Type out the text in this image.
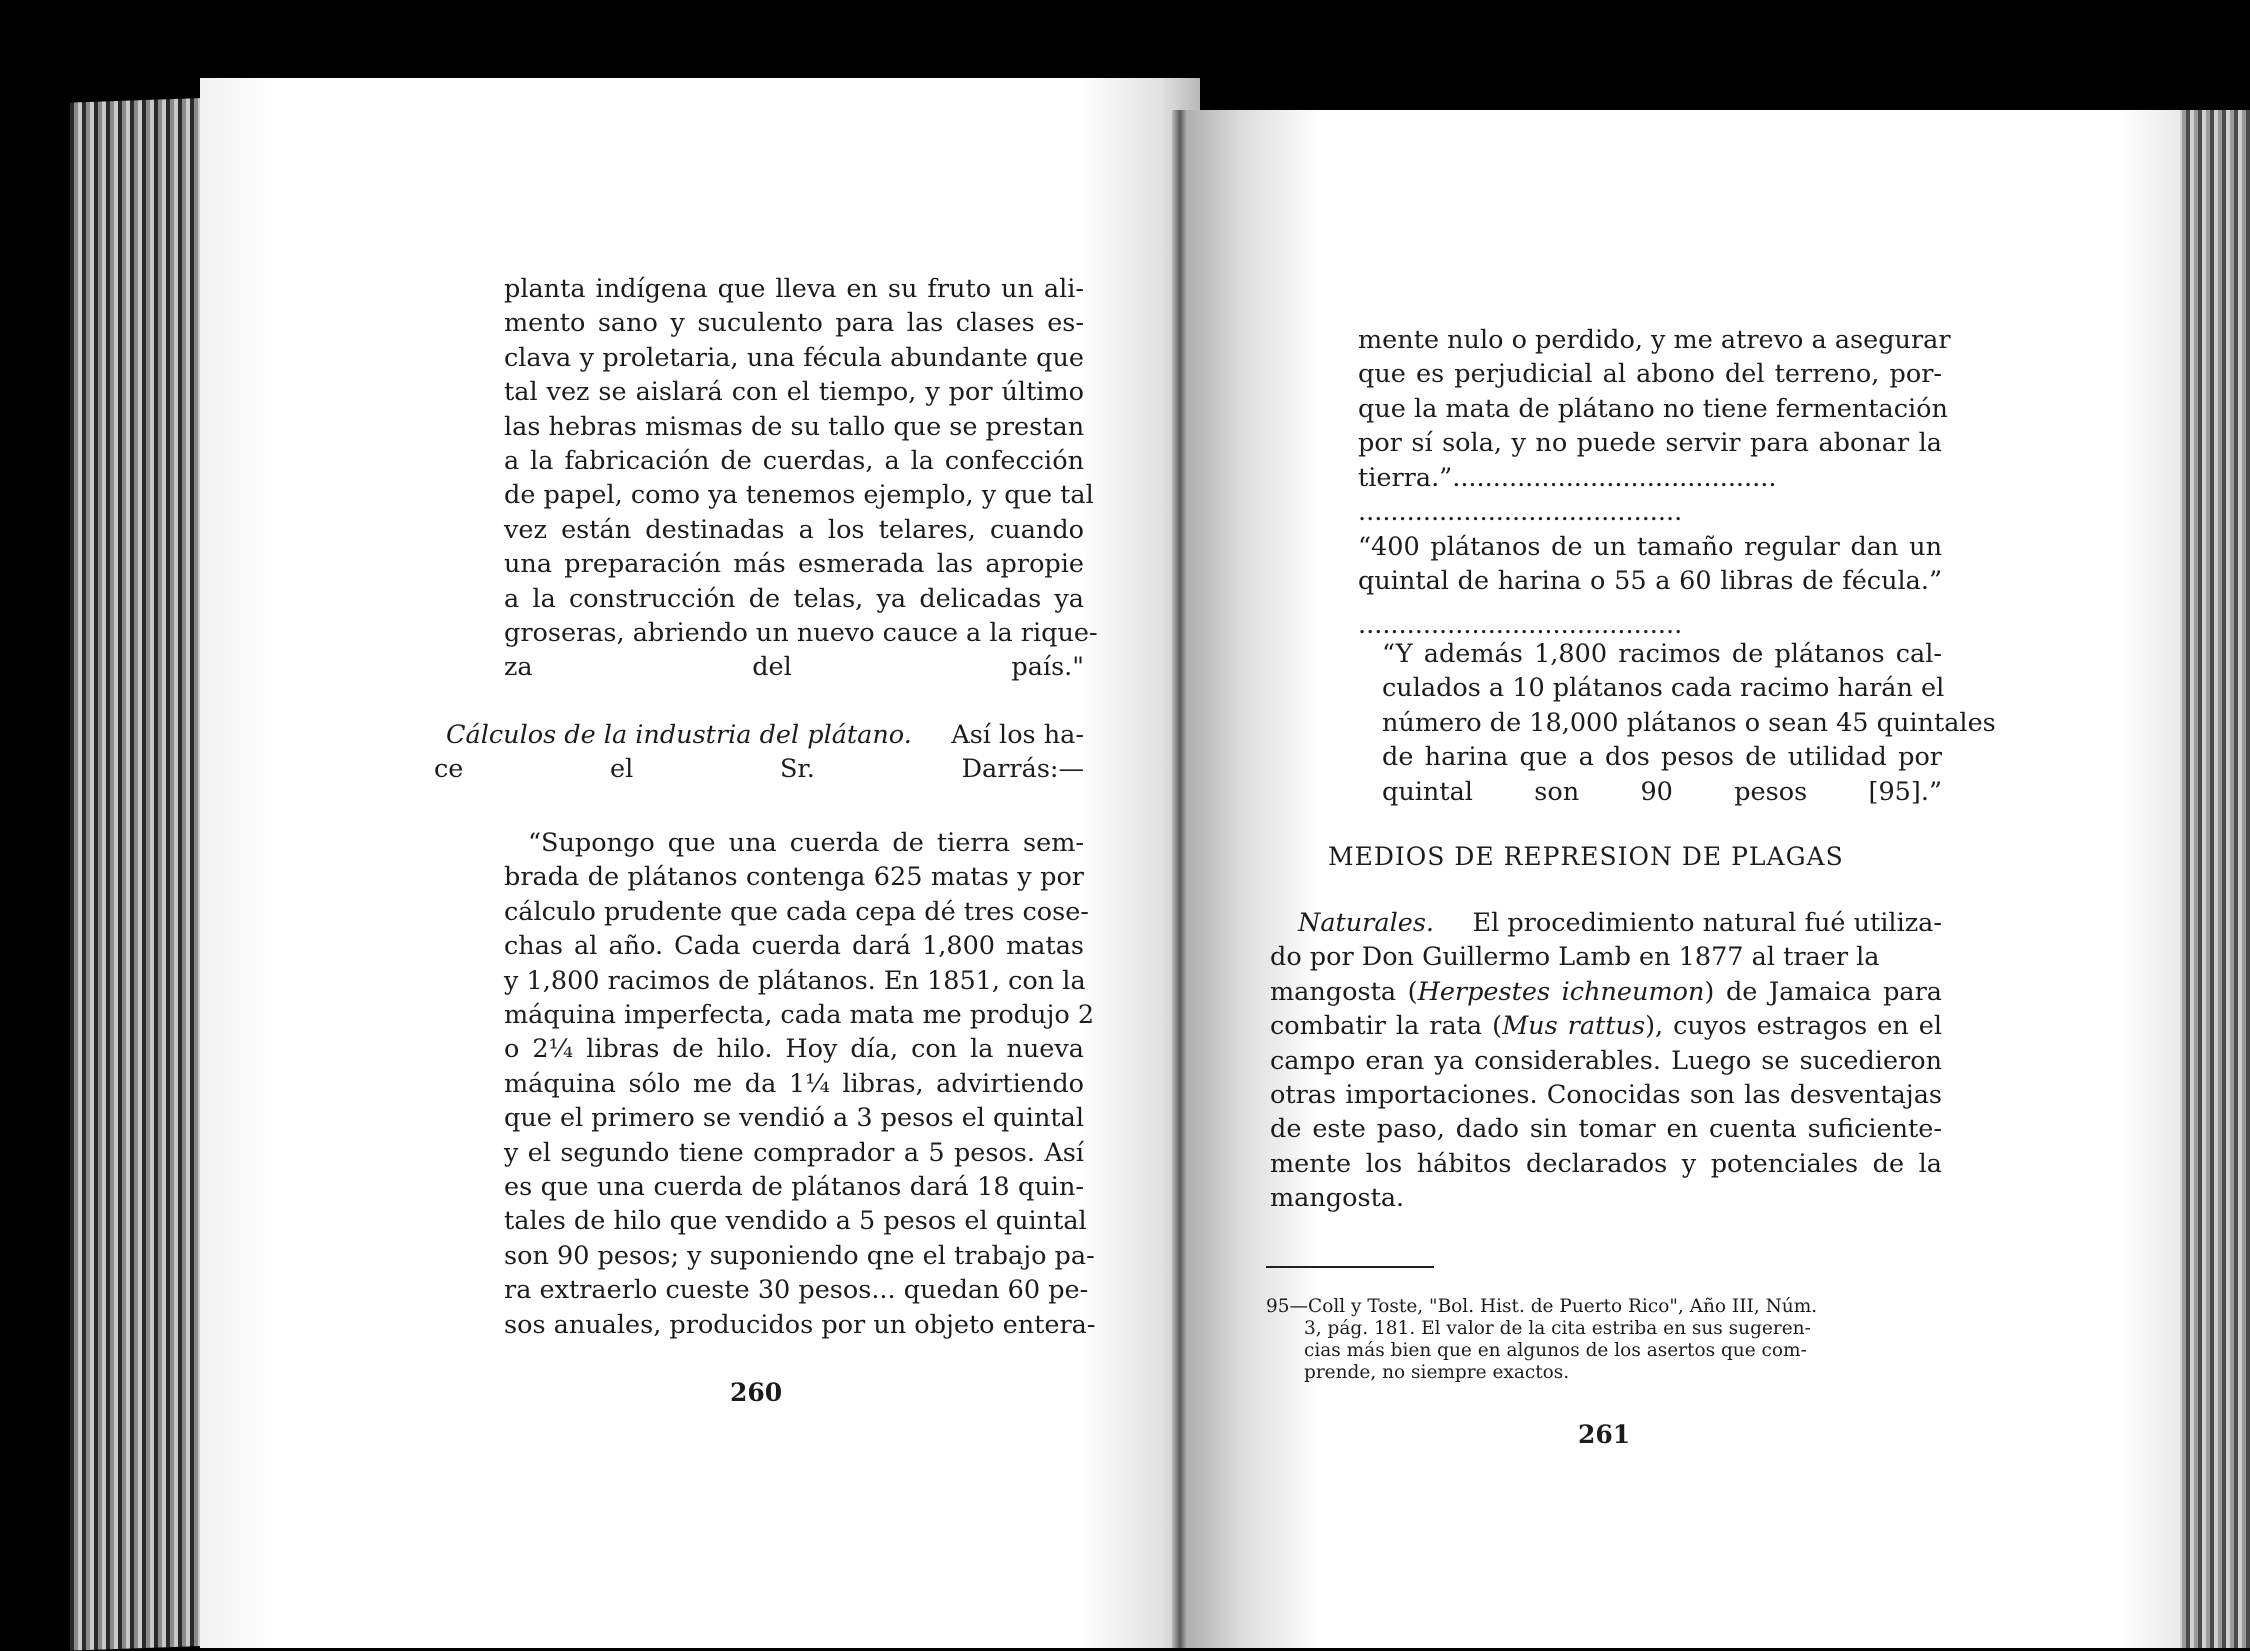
planta indígena que lleva en su fruto un ali-
mento sano y suculento para las clases es-
clava y proletaria, una fécula abundante que
tal vez se aislará con el tiempo, y por último
las hebras mismas de su tallo que se prestan
a la fabricación de cuerdas, a la confección
de papel, como ya tenemos ejemplo, y que tal
vez están destinadas a los telares, cuando
una preparación más esmerada las apropie
a la construcción de telas, ya delicadas ya
groseras, abriendo un nuevo cauce a la rique-
za del país."
Cálculos de la industria del plátano. Así los ha-
ce el Sr. Darrás:—
“Supongo que una cuerda de tierra sem-
brada de plátanos contenga 625 matas y por
cálculo prudente que cada cepa dé tres cose-
chas al año. Cada cuerda dará 1,800 matas
y 1,800 racimos de plátanos. En 1851, con la
máquina imperfecta, cada mata me produjo 2
o 2¼ libras de hilo. Hoy día, con la nueva
máquina sólo me da 1¼ libras, advirtiendo
que el primero se vendió a 3 pesos el quintal
y el segundo tiene comprador a 5 pesos. Así
es que una cuerda de plátanos dará 18 quin-
tales de hilo que vendido a 5 pesos el quintal
son 90 pesos; y suponiendo qne el trabajo pa-
ra extraerlo cueste 30 pesos... quedan 60 pe-
sos anuales, producidos por un objeto entera-
260
mente nulo o perdido, y me atrevo a asegurar
que es perjudicial al abono del terreno, por-
que la mata de plátano no tiene fermentación
por sí sola, y no puede servir para abonar la
tierra.”........................................
........................................
“400 plátanos de un tamaño regular dan un
quintal de harina o 55 a 60 libras de fécula.”
........................................
“Y además 1,800 racimos de plátanos cal-
culados a 10 plátanos cada racimo harán el
número de 18,000 plátanos o sean 45 quintales
de harina que a dos pesos de utilidad por
quintal son 90 pesos [95].”
MEDIOS DE REPRESION DE PLAGAS
Naturales. El procedimiento natural fué utiliza-
do por Don Guillermo Lamb en 1877 al traer la
mangosta (Herpestes ichneumon) de Jamaica para
combatir la rata (Mus rattus), cuyos estragos en el
campo eran ya considerables. Luego se sucedieron
otras importaciones. Conocidas son las desventajas
de este paso, dado sin tomar en cuenta suficiente-
mente los hábitos declarados y potenciales de la
mangosta.
95—Coll y Toste, "Bol. Hist. de Puerto Rico", Año III, Núm.
3, pág. 181. El valor de la cita estriba en sus sugeren-
cias más bien que en algunos de los asertos que com-
prende, no siempre exactos.
261
